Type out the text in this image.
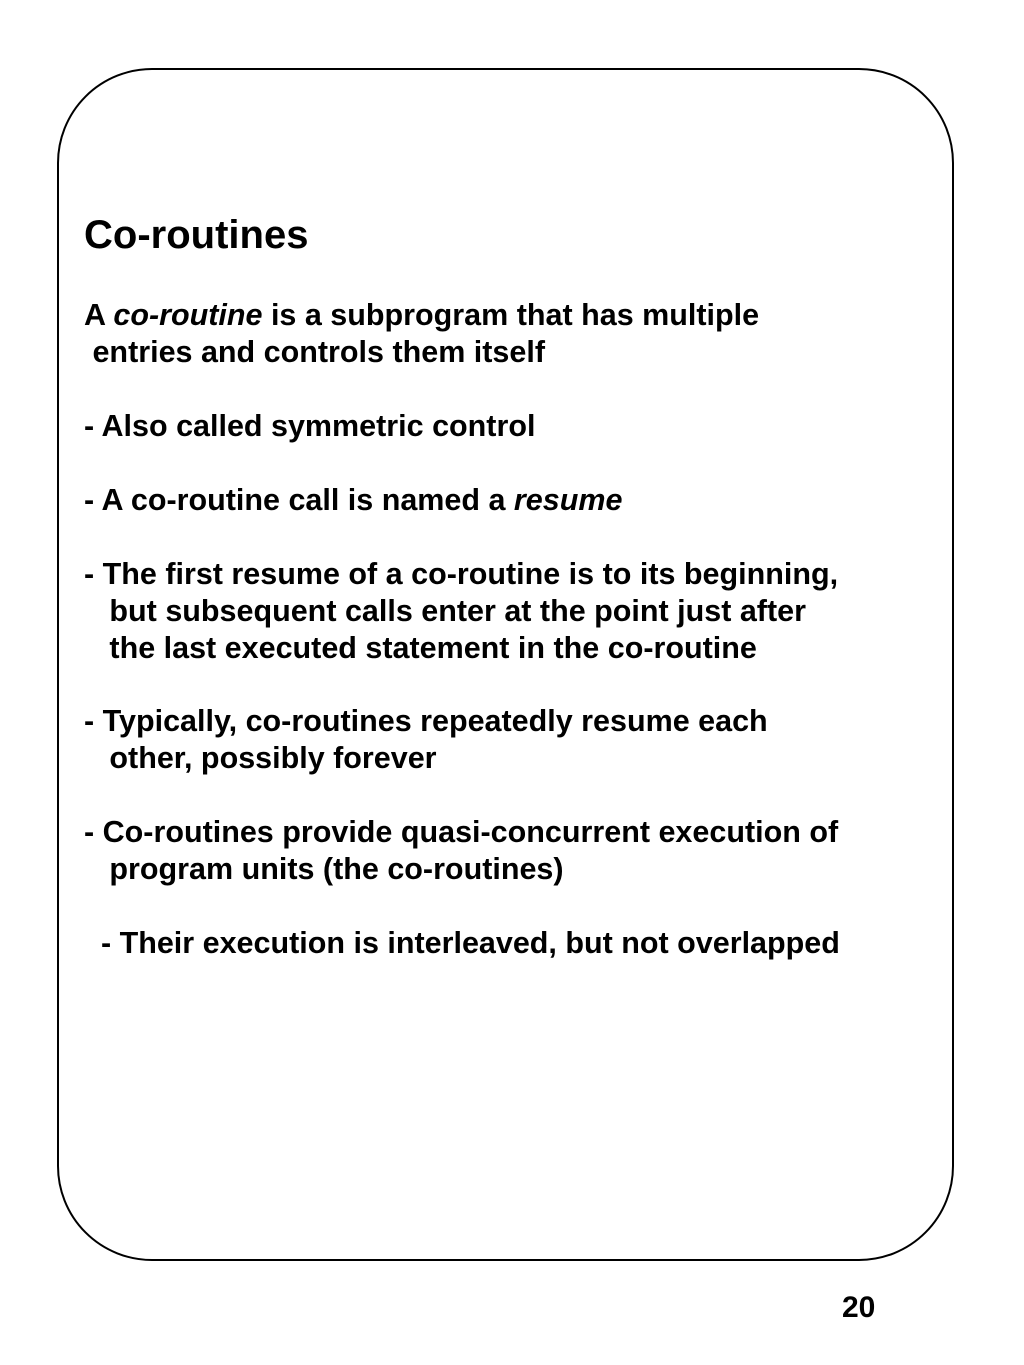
Co-routines

A co-routine is a subprogram that has multiple

entries and controls them itself

- Also called symmetric control

- A co-routine call is named a resume

- The first resume of a co-routine is to its beginning,

but subsequent calls enter at the point just after

the last executed statement in the co-routine

- Typically, co-routines repeatedly resume each

other, possibly forever

- Co-routines provide quasi-concurrent execution of

program units (the co-routines)

- Their execution is interleaved, but not overlapped

20
